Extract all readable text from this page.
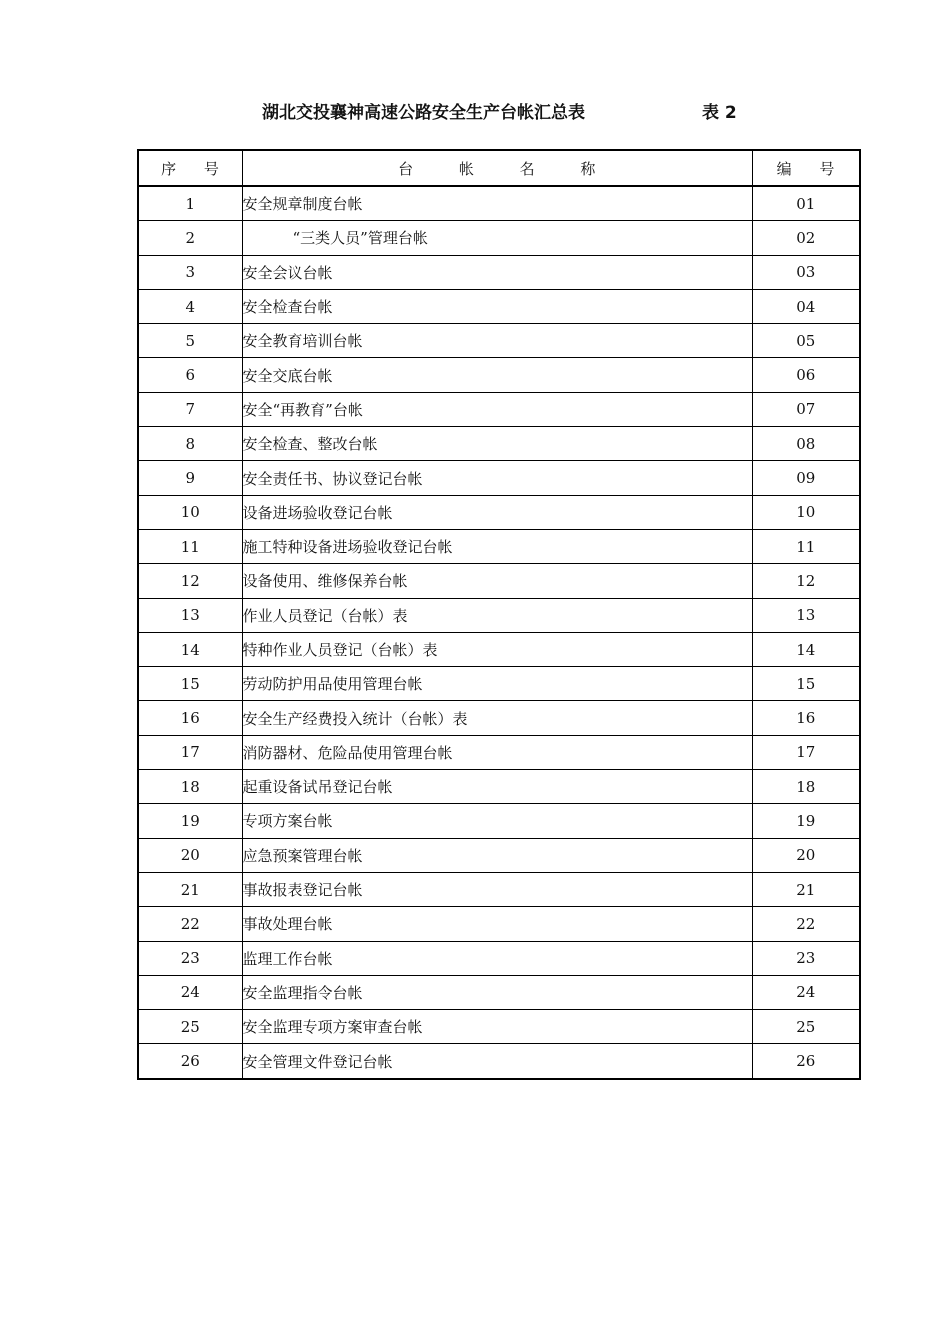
湖北交投襄神高速公路安全生产台帐汇总表	表 2
序 号	台 帐 名 称	编 号
1	安全规章制度台帐	01
2	“三类人员”管理台帐	02
3	安全会议台帐	03
4	安全检查台帐	04
5	安全教育培训台帐	05
6	安全交底台帐	06
7	安全“再教育”台帐	07
8	安全检查、整改台帐	08
9	安全责任书、协议登记台帐	09
10	设备进场验收登记台帐	10
11	施工特种设备进场验收登记台帐	11
12	设备使用、维修保养台帐	12
13	作业人员登记（台帐）表	13
14	特种作业人员登记（台帐）表	14
15	劳动防护用品使用管理台帐	15
16	安全生产经费投入统计（台帐）表	16
17	消防器材、危险品使用管理台帐	17
18	起重设备试吊登记台帐	18
19	专项方案台帐	19
20	应急预案管理台帐	20
21	事故报表登记台帐	21
22	事故处理台帐	22
23	监理工作台帐	23
24	安全监理指令台帐	24
25	安全监理专项方案审查台帐	25
26	安全管理文件登记台帐	26
